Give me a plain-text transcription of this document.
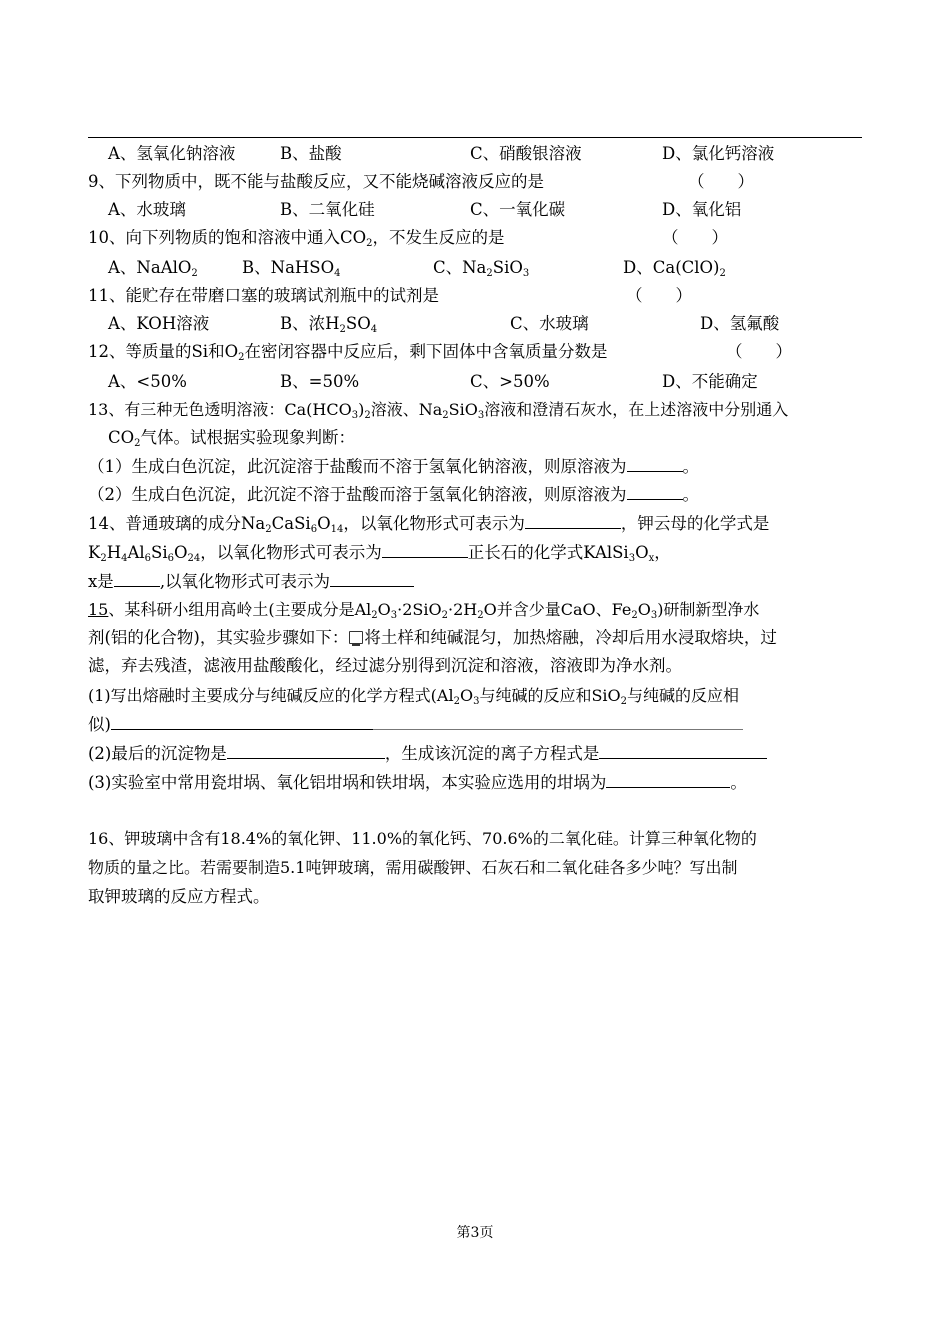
A、氢氧化钠溶液	B、盐酸	C、硝酸银溶液	D、氯化钙溶液
9、下列物质中，既不能与盐酸反应，又不能烧碱溶液反应的是	（　　）
A、水玻璃	B、二氧化硅	C、一氧化碳	D、氧化铝
10、向下列物质的饱和溶液中通入$CO_2$，不发生反应的是	（　　）
A、NaAlO$_2$	B、NaHSO$_4$	C、$Na_2SiO_3$	D、$Ca(ClO)_2$
11、能贮存在带磨口塞的玻璃试剂瓶中的试剂是	（　　）
A、KOH溶液	B、浓$H_2SO_4$	C、水玻璃	D、氢氟酸
12、等质量的Si和$O_2$在密闭容器中反应后，剩下固体中含氧质量分数是	（　　）
A、<50%	B、=50%	C、>50%	D、不能确定
13、有三种无色透明溶液：$Ca(HCO_3)_2$溶液、$Na_2SiO_3$溶液和澄清石灰水，在上述溶液中分别通入
$CO_2$气体。试根据实验现象判断：
（1）生成白色沉淀，此沉淀溶于盐酸而不溶于氢氧化钠溶液，则原溶液为	。
（2）生成白色沉淀，此沉淀不溶于盐酸而溶于氢氧化钠溶液，则原溶液为	。
14、普通玻璃的成分$Na_2CaSi_6O_{14}$，以氧化物形式可表示为	，钾云母的化学式是
$K_2H_4Al_6Si_6O_{24}$，以氧化物形式可表示为	正长石的化学式$KAlSi_3O_x$，
x是	,以氧化物形式可表示为
15、某科研小组用高岭土(主要成分是$Al_2O_3\cdot 2SiO_2\cdot 2H_2O$并含少量CaO、$Fe_2O_3$)研制新型净水
剂(铝的化合物)，其实验步骤如下： 将土样和纯碱混匀，加热熔融，冷却后用水浸取熔块，过
滤，弃去残渣，滤液用盐酸酸化，经过滤分别得到沉淀和溶液，溶液即为净水剂。
(1)写出熔融时主要成分与纯碱反应的化学方程式($Al_2O_3$与纯碱的反应和SiO$_2$与纯碱的反应相
似)
(2)最后的沉淀物是	，生成该沉淀的离子方程式是
(3)实验室中常用瓷坩埚、氧化铝坩埚和铁坩埚，本实验应选用的坩埚为	。
16、钾玻璃中含有18.4%的氧化钾、11.0%的氧化钙、70.6%的二氧化硅。计算三种氧化物的
物质的量之比。若需要制造5.1吨钾玻璃，需用碳酸钾、石灰石和二氧化硅各多少吨？写出制
取钾玻璃的反应方程式。
第3页
